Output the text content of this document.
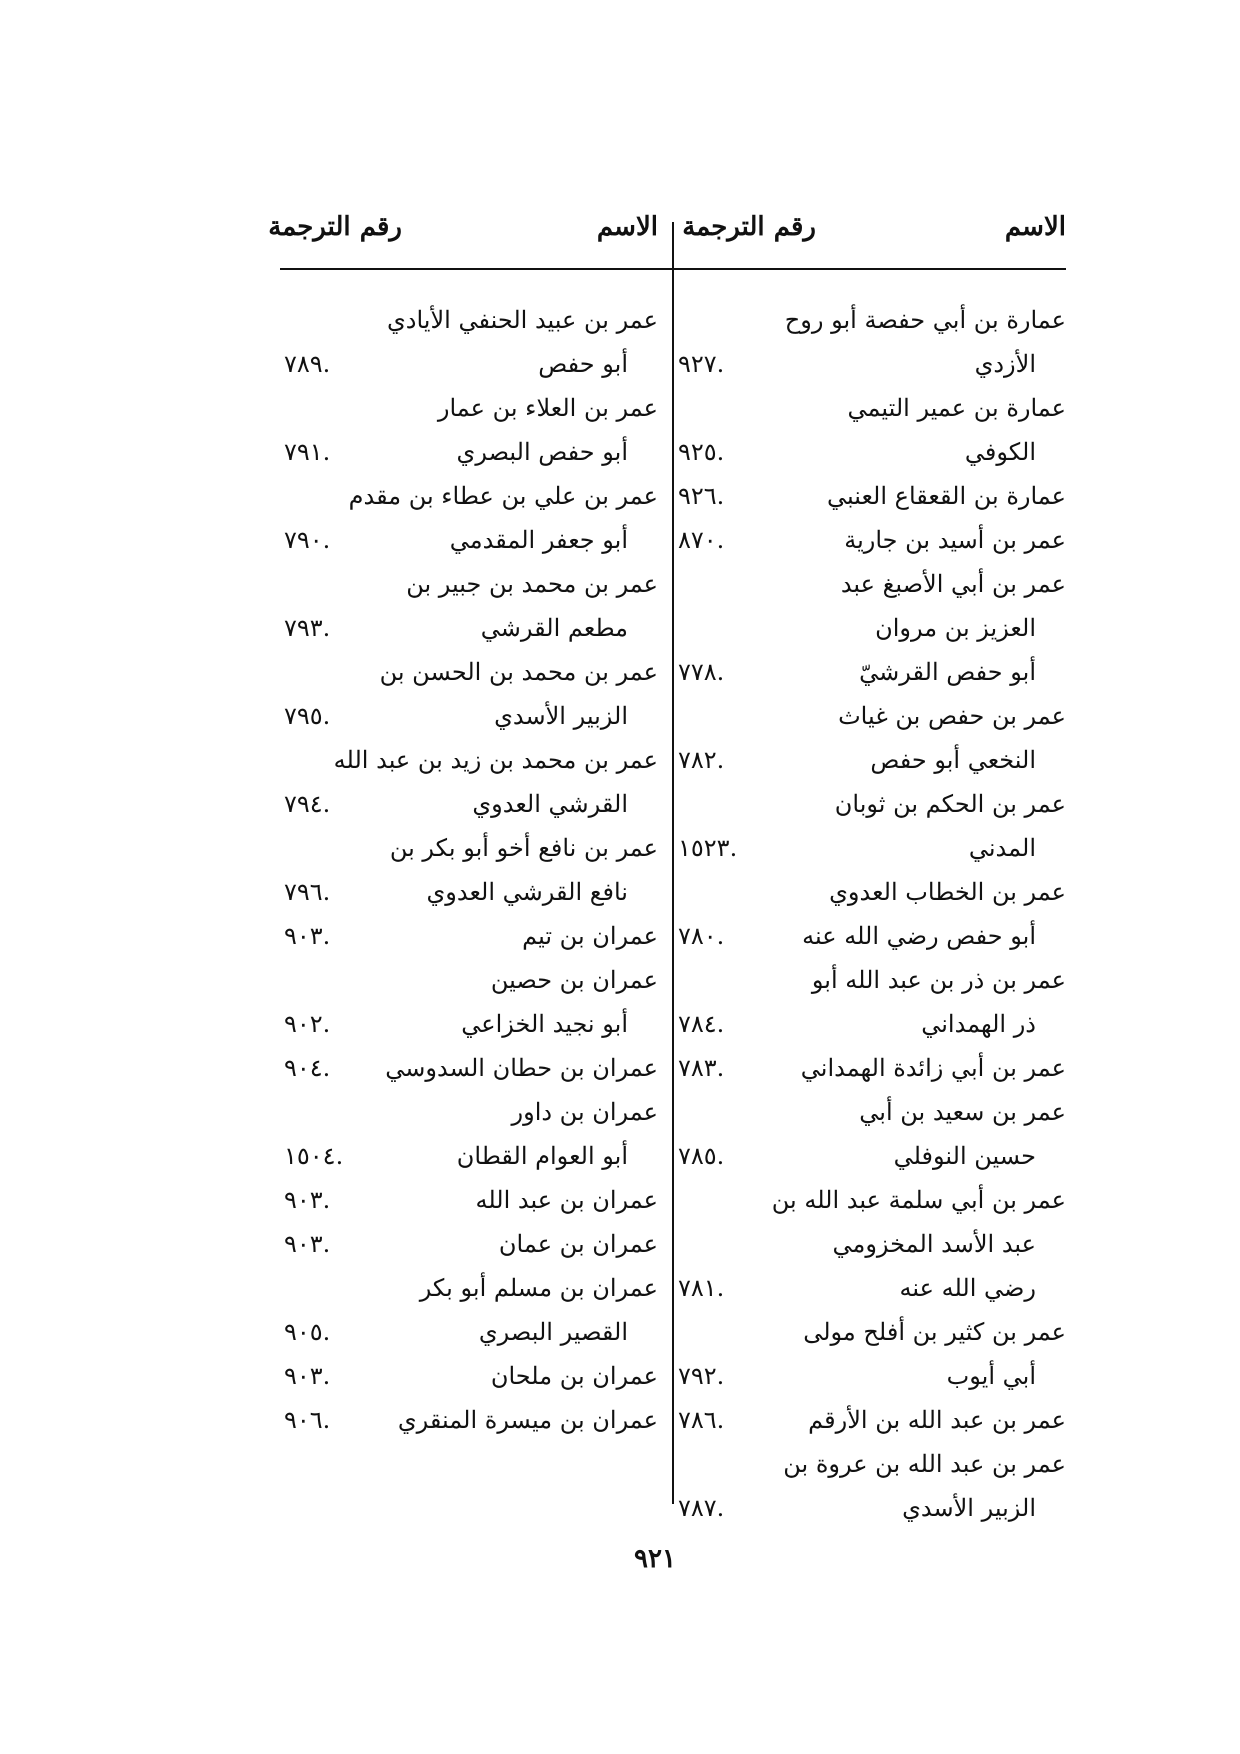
الاسم
رقم الترجمة
الاسم
رقم الترجمة
عمارة بن أبي حفصة أبو روح
الأزدي
.٩٢٧
عمارة بن عمير التيمي
الكوفي
.٩٢٥
عمارة بن القعقاع العنبي
.٩٢٦
عمر بن أسيد بن جارية
.٨٧٠
عمر بن أبي الأصبغ عبد
العزيز بن مروان
أبو حفص القرشيّ
.٧٧٨
عمر بن حفص بن غياث
النخعي أبو حفص
.٧٨٢
عمر بن الحكم بن ثوبان
المدني
.١٥٢٣
عمر بن الخطاب العدوي
أبو حفص رضي الله عنه
.٧٨٠
عمر بن ذر بن عبد الله أبو
ذر الهمداني
.٧٨٤
عمر بن أبي زائدة الهمداني
.٧٨٣
عمر بن سعيد بن أبي
حسين النوفلي
.٧٨٥
عمر بن أبي سلمة عبد الله بن
عبد الأسد المخزومي
رضي الله عنه
.٧٨١
عمر بن كثير بن أفلح مولى
أبي أيوب
.٧٩٢
عمر بن عبد الله بن الأرقم
.٧٨٦
عمر بن عبد الله بن عروة بن
الزبير الأسدي
.٧٨٧
عمر بن عبيد الحنفي الأيادي
أبو حفص
.٧٨٩
عمر بن العلاء بن عمار
أبو حفص البصري
.٧٩١
عمر بن علي بن عطاء بن مقدم
أبو جعفر المقدمي
.٧٩٠
عمر بن محمد بن جبير بن
مطعم القرشي
.٧٩٣
عمر بن محمد بن الحسن بن
الزبير الأسدي
.٧٩٥
عمر بن محمد بن زيد بن عبد الله
القرشي العدوي
.٧٩٤
عمر بن نافع أخو أبو بكر بن
نافع القرشي العدوي
.٧٩٦
عمران بن تيم
.٩٠٣
عمران بن حصين
أبو نجيد الخزاعي
.٩٠٢
عمران بن حطان السدوسي
.٩٠٤
عمران بن داور
أبو العوام القطان
.١٥٠٤
عمران بن عبد الله
.٩٠٣
عمران بن عمان
.٩٠٣
عمران بن مسلم أبو بكر
القصير البصري
.٩٠٥
عمران بن ملحان
.٩٠٣
عمران بن ميسرة المنقري
.٩٠٦
٩٢١
